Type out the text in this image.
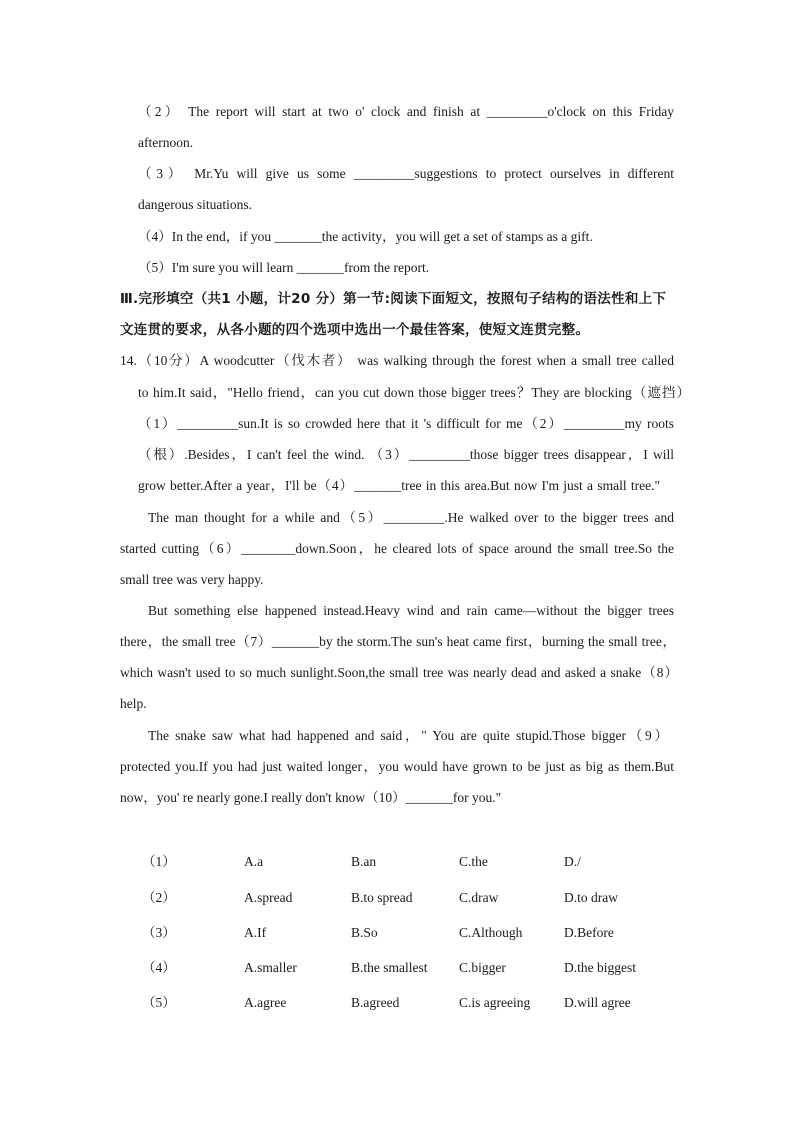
（2） The report will start at two o' clock and finish at _________o'clock on this Friday
afternoon.
（3） Mr.Yu will give us some _________suggestions to protect ourselves in different
dangerous situations.
（4）In the end，if you _______the activity，you will get a set of stamps as a gift.
（5）I'm sure you will learn _______from the report.
Ⅲ.完形填空（共1 小题，计20 分）第一节:阅读下面短文，按照句子结构的语法性和上下
文连贯的要求，从各小题的四个选项中选出一个最佳答案，使短文连贯完整。
14.（10分）A woodcutter（伐木者） was walking through the forest when a small tree called
to him.It said，"Hello friend，can you cut down those bigger trees？They are blocking（遮挡）
（1）_________sun.It is so crowded here that it 's difficult for me（2）_________my roots
（根）.Besides，I can't feel the wind. （3）_________those bigger trees disappear，I will
grow better.After a year，I'll be（4）_______tree in this area.But now I'm just a small tree."
The man thought for a while and（5）_________.He walked over to the bigger trees and
started cutting（6）________down.Soon，he cleared lots of space around the small tree.So the
small tree was very happy.
But something else happened instead.Heavy wind and rain came—without the bigger trees
there，the small tree（7）_______by the storm.The sun's heat came first，burning the small tree，
which wasn't used to so much sunlight.Soon,the small tree was nearly dead and asked a snake（8）
help.
The snake saw what had happened and said，" You are quite stupid.Those bigger（9）
protected you.If you had just waited longer，you would have grown to be just as big as them.But
now，you' re nearly gone.I really don't know（10）_______for you."
（1）	A.a	B.an	C.the	D./
（2）	A.spread	B.to spread	C.draw	D.to draw
（3）	A.If	B.So	C.Although	D.Before
（4）	A.smaller	B.the smallest C.bigger	D.the biggest
（5）	A.agree	B.agreed	C.is agreeing	D.will agree
